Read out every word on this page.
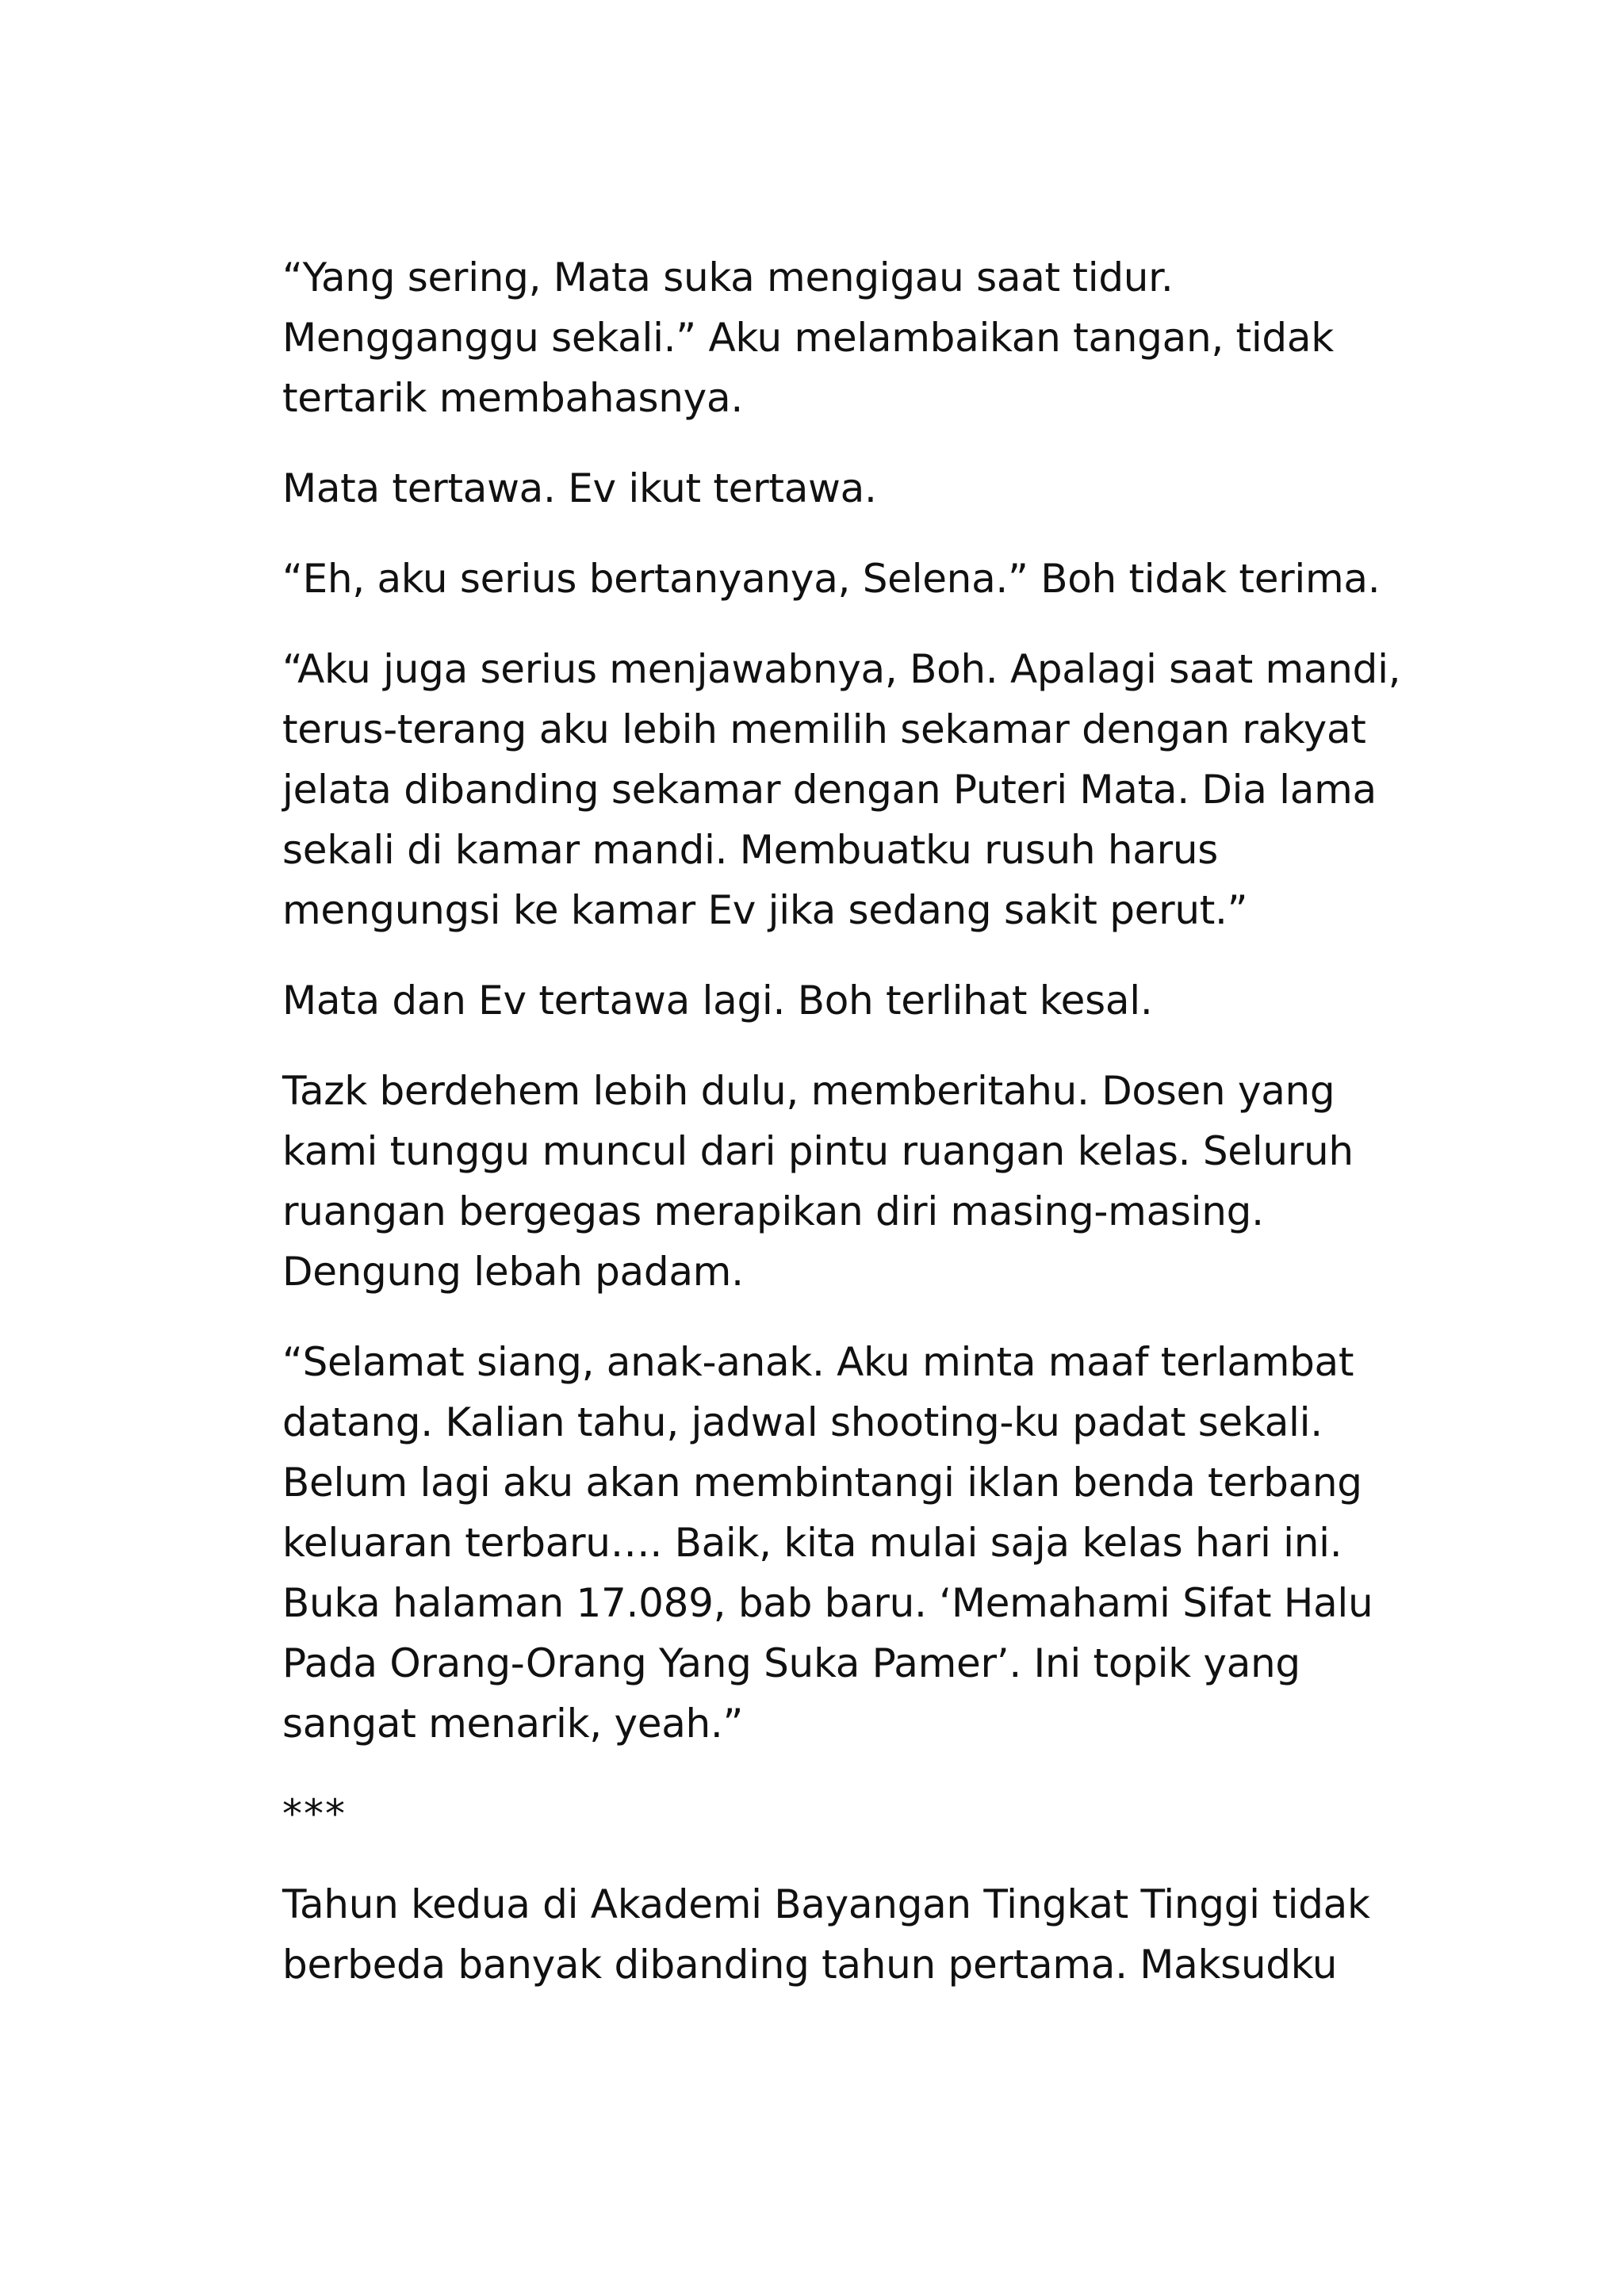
“Yang sering, Mata suka mengigau saat tidur.
Mengganggu sekali.” Aku melambaikan tangan, tidak
tertarik membahasnya.

Mata tertawa. Ev ikut tertawa.

“Eh, aku serius bertanyanya, Selena.” Boh tidak terima.

“Aku juga serius menjawabnya, Boh. Apalagi saat mandi,
terus-terang aku lebih memilih sekamar dengan rakyat
jelata dibanding sekamar dengan Puteri Mata. Dia lama
sekali di kamar mandi. Membuatku rusuh harus
mengungsi ke kamar Ev jika sedang sakit perut.”

Mata dan Ev tertawa lagi. Boh terlihat kesal.

Tazk berdehem lebih dulu, memberitahu. Dosen yang
kami tunggu muncul dari pintu ruangan kelas. Seluruh
ruangan bergegas merapikan diri masing-masing.
Dengung lebah padam.

“Selamat siang, anak-anak. Aku minta maaf terlambat
datang. Kalian tahu, jadwal shooting-ku padat sekali.
Belum lagi aku akan membintangi iklan benda terbang
keluaran terbaru…. Baik, kita mulai saja kelas hari ini.
Buka halaman 17.089, bab baru. ‘Memahami Sifat Halu
Pada Orang-Orang Yang Suka Pamer’. Ini topik yang
sangat menarik, yeah.”

***

Tahun kedua di Akademi Bayangan Tingkat Tinggi tidak
berbeda banyak dibanding tahun pertama. Maksudku
